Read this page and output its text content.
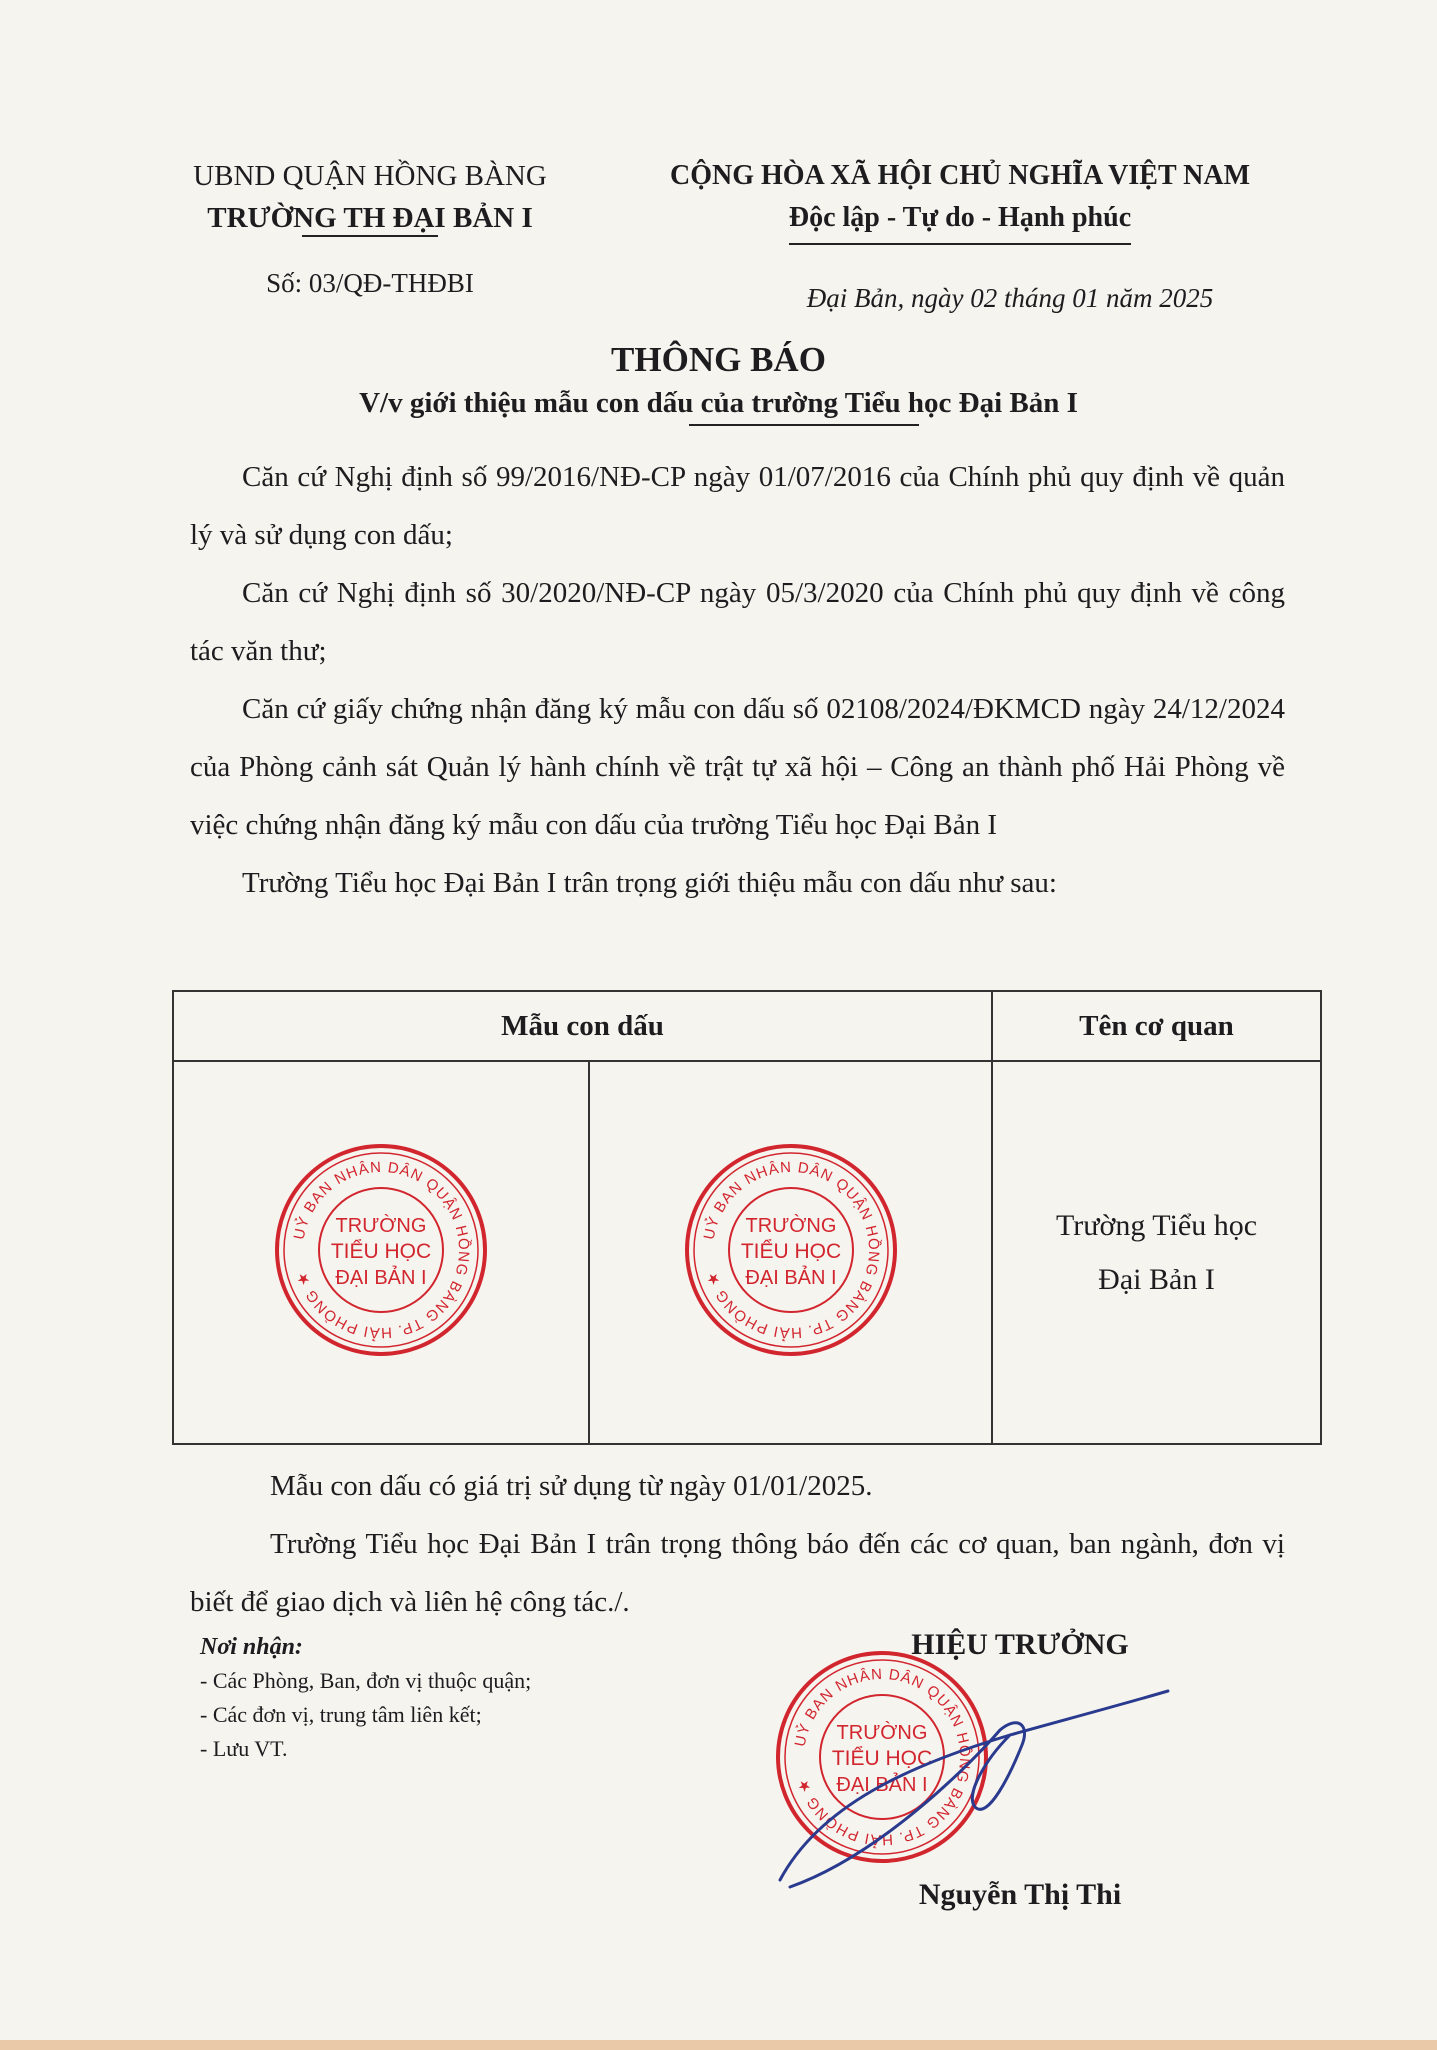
UBND QUẬN HỒNG BÀNG
TRƯỜNG TH ĐẠI BẢN I
Số: 03/QĐ-THĐBI
CỘNG HÒA XÃ HỘI CHỦ NGHĨA VIỆT NAM
Độc lập - Tự do - Hạnh phúc
Đại Bản, ngày 02 tháng 01 năm 2025
THÔNG BÁO
V/v giới thiệu mẫu con dấu của trường Tiểu học Đại Bản I

Căn cứ Nghị định số 99/2016/NĐ-CP ngày 01/07/2016 của Chính phủ quy định về quản lý và sử dụng con dấu;

Căn cứ Nghị định số 30/2020/NĐ-CP ngày 05/3/2020 của Chính phủ quy định về công tác văn thư;

Căn cứ giấy chứng nhận đăng ký mẫu con dấu số 02108/2024/ĐKMCD ngày 24/12/2024 của Phòng cảnh sát Quản lý hành chính về trật tự xã hội – Công an thành phố Hải Phòng về việc chứng nhận đăng ký mẫu con dấu của trường Tiểu học Đại Bản I

Trường Tiểu học Đại Bản I trân trọng giới thiệu mẫu con dấu như sau:

Mẫu con dấu		Tên cơ quan

Trường Tiểu học
Đại Bản I

Mẫu con dấu có giá trị sử dụng từ ngày 01/01/2025.

Trường Tiểu học Đại Bản I trân trọng thông báo đến các cơ quan, ban ngành, đơn vị biết để giao dịch và liên hệ công tác./.

Nơi nhận:
- Các Phòng, Ban, đơn vị thuộc quận;
- Các đơn vị, trung tâm liên kết;
- Lưu VT.
HIỆU TRƯỞNG
Nguyễn Thị Thi
